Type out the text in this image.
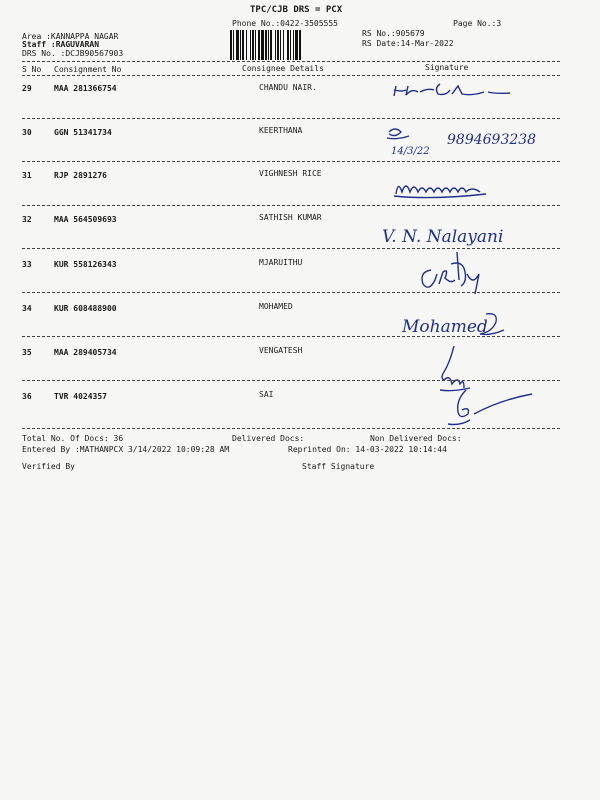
TPC/CJB DRS = PCX
Phone No.:0422-3505555	Page No.:3
Area :KANNAPPA NAGAR
Staff :RAGUVARAN
DRS No. :DCJB90567903
RS No.:905679
RS Date:14-Mar-2022
S No Consignment No	Consignee Details	Signature
29	MAA 281366754	CHANDU NAIR.
30	GGN 51341734	KEERTHANA
14/3/22
9894693238
31	RJP 2891276	VIGHNESH RICE
32	MAA 564509693	SATHISH KUMAR
V. N. Nalayani
33	KUR 558126343	MJARUITHU
34	KUR 608488900	MOHAMED
Mohamed
35	MAA 289405734	VENGATESH
36	TVR 4024357	SAI
Total No. Of Docs: 36	Delivered Docs:	Non Delivered Docs:
Entered By :MATHANPCX 3/14/2022 10:09:28 AM	Reprinted On: 14-03-2022 10:14:44
Verified By	Staff Signature
